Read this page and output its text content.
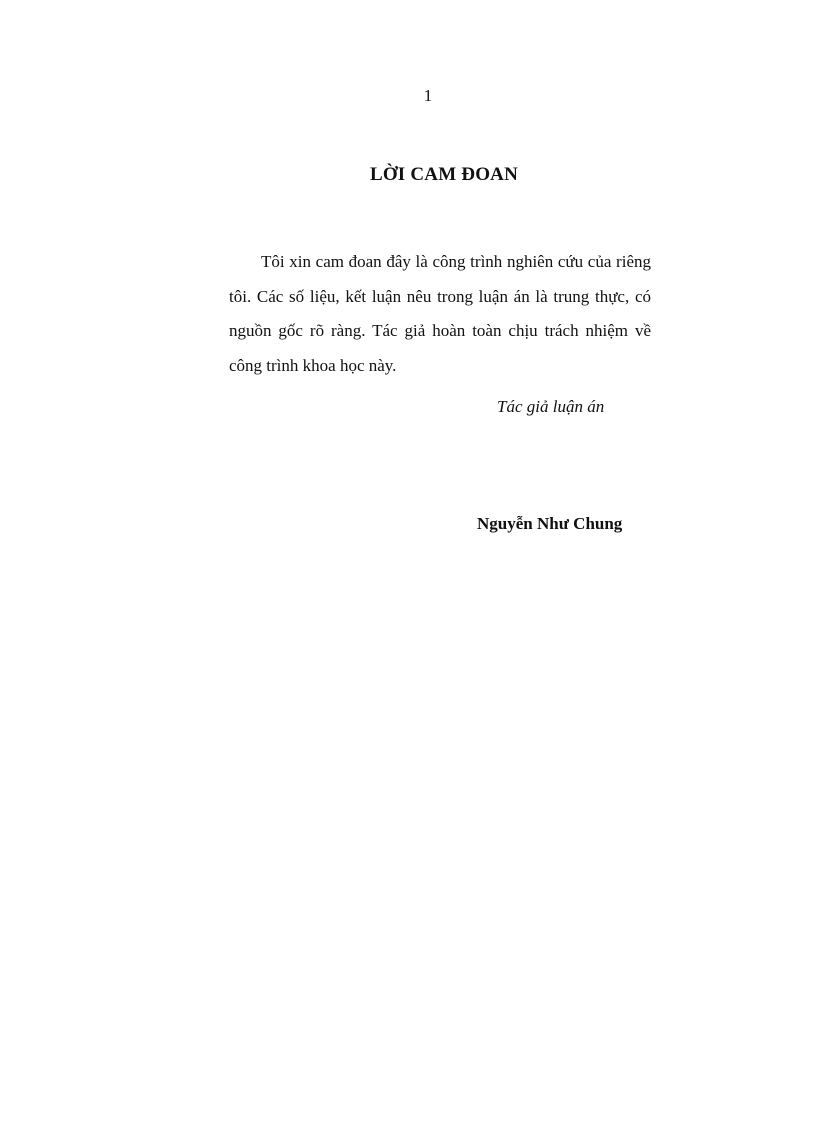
1
LỜI CAM ĐOAN

Tôi xin cam đoan đây là công trình nghiên cứu của riêng tôi. Các số liệu, kết luận nêu trong luận án là trung thực, có nguồn gốc rõ ràng. Tác giả hoàn toàn chịu trách nhiệm về công trình khoa học này.

Tác giả luận án
Nguyễn Như Chung
